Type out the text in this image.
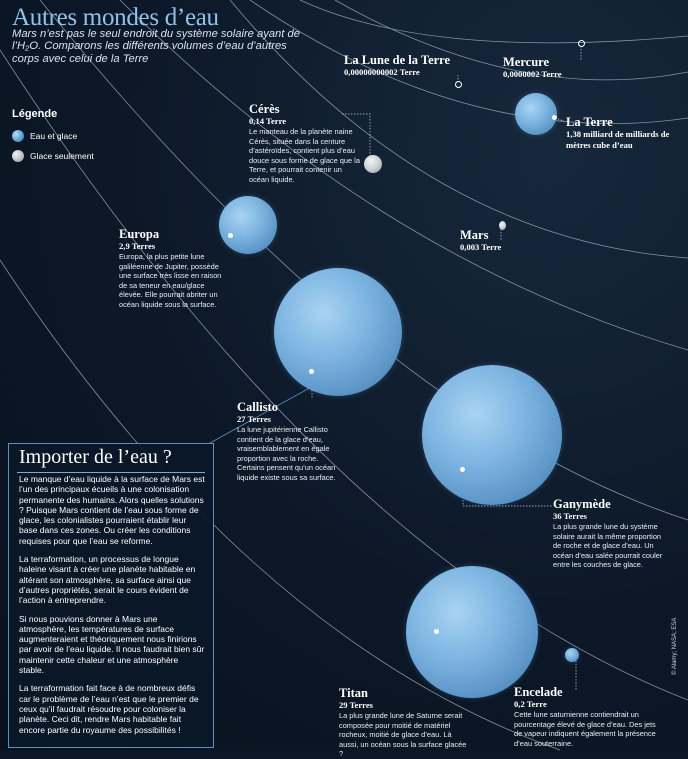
Autres mondes d’eau
Mars n’est pas le seul endroit du système solaire ayant de l’H₂O. Comparons les différents volumes d’eau d’autres corps avec celui de la Terre
Légende
Eau et glace
Glace seulement
La Lune de la Terre
0,00000000002 Terre
Mercure
0,0000002 Terre
La Terre
1,38 milliard de milliards de mètres cube d’eau
Cérès
0,14 Terre
Le manteau de la planète naine Cérès, située dans la centure d’astéroïdes, contient plus d’eau douce sous forme de glace que la Terre, et pourrait contenir un océan liquide.
Europa
2,9 Terres
Europa, la plus petite lune galiléenne de Jupiter, possède une surface très lisse en raison de sa teneur en eau/glace élevée. Elle pourrait abriter un océan liquide sous la surface.
Mars
0,003 Terre
Callisto
27 Terres
La lune jupitérienne Callisto contient de la glace d’eau, vraisemblablement en égale proportion avec la roche. Certains pensent qu’un océan liquide existe sous sa surface.
Ganymède
36 Terres
La plus grande lune du système solaire aurait la même proportion de roche et de glace d’eau. Un océan d’eau salée pourrait couler entre les couches de glace.
Titan
29 Terres
La plus grande lune de Saturne serait composée pour moitié de matériel rocheux, moitié de glace d’eau. Là aussi, un océan sous la surface glacée ?
Encelade
0,2 Terre
Cette lune saturnienne contiendrait un pourcentage élevé de glace d’eau. Des jets de vapeur indiquent également la présence d’eau souterraine.
Importer de l’eau ?

Le manque d’eau liquide à la surface de Mars est l’un des principaux écueils à une colonisation permanente des humains. Alors quelles solutions ? Puisque Mars contient de l’eau sous forme de glace, les colonialistes pourraient établir leur base dans ces zones. Ou créer les conditions requises pour que l’eau se reforme.

La terraformation, un processus de longue haleine visant à créer une planète habitable en altérant son atmosphère, sa surface ainsi que d’autres propriétés, serait le cours évident de l’action à entreprendre.

Si nous pouvions donner à Mars une atmosphère, les températures de surface augmenteraient et théoriquement nous finirions par avoir de l’eau liquide. Il nous faudrait bien sûr maintenir cette chaleur et une atmosphère stable.

La terraformation fait face à de nombreux défis car le problème de l’eau n’est que le premier de ceux qu’il faudrait résoudre pour coloniser la planète. Ceci dit, rendre Mars habitable fait encore partie du royaume des possibilités !

© Alamy; NASA; ESA
